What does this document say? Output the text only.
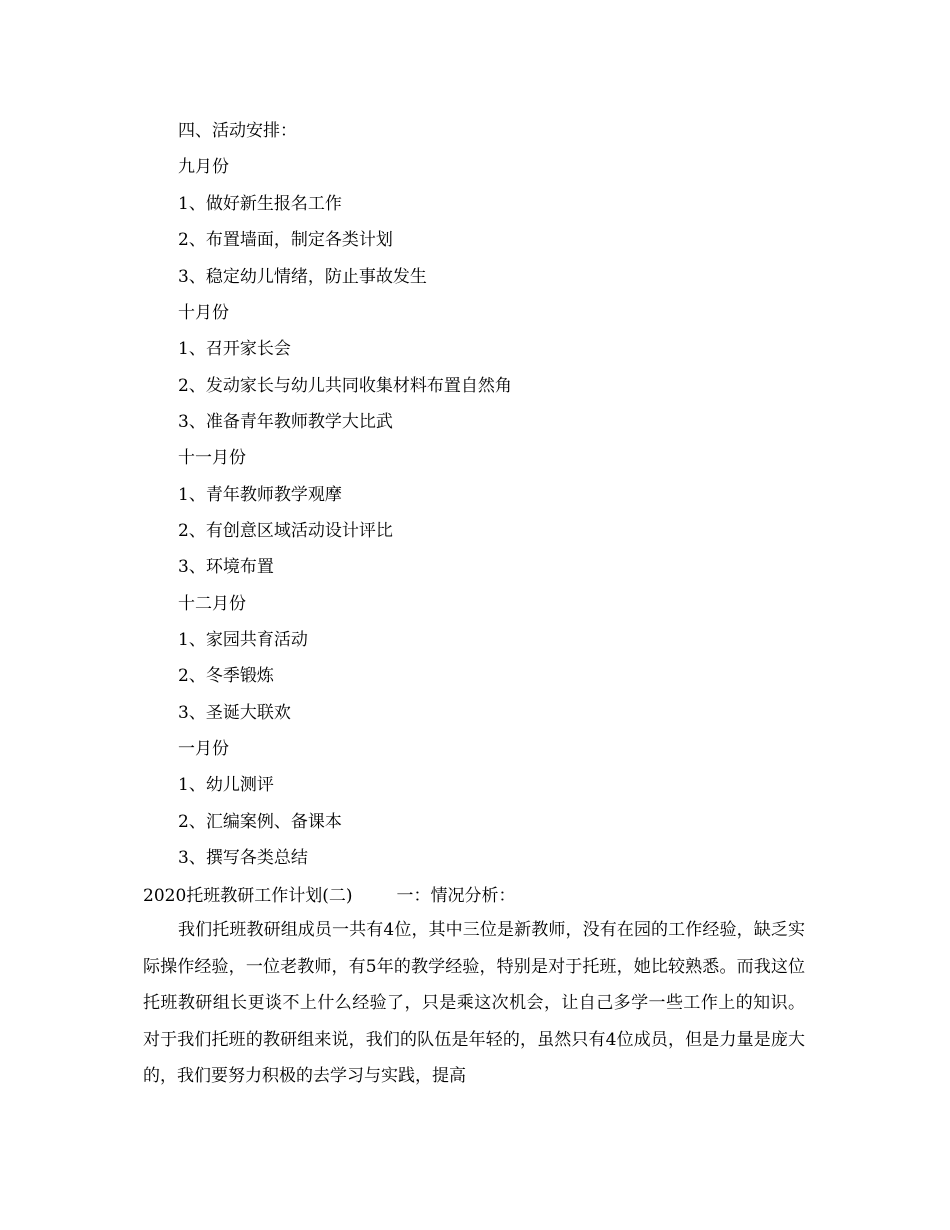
四、活动安排：
九月份
1、做好新生报名工作
2、布置墙面，制定各类计划
3、稳定幼儿情绪，防止事故发生
十月份
1、召开家长会
2、发动家长与幼儿共同收集材料布置自然角
3、准备青年教师教学大比武
十一月份
1、青年教师教学观摩
2、有创意区域活动设计评比
3、环境布置
十二月份
1、家园共育活动
2、冬季锻炼
3、圣诞大联欢
一月份
1、幼儿测评
2、汇编案例、备课本
3、撰写各类总结
2020托班教研工作计划(二)	一：情况分析：
我们托班教研组成员一共有4位，其中三位是新教师，没有在园的工作经验，缺乏实际操作经验，一位老教师，有5年的教学经验，特别是对于托班，她比较熟悉。而我这位托班教研组长更谈不上什么经验了，只是乘这次机会，让自己多学一些工作上的知识。对于我们托班的教研组来说，我们的队伍是年轻的，虽然只有4位成员，但是力量是庞大的，我们要努力积极的去学习与实践，提高
